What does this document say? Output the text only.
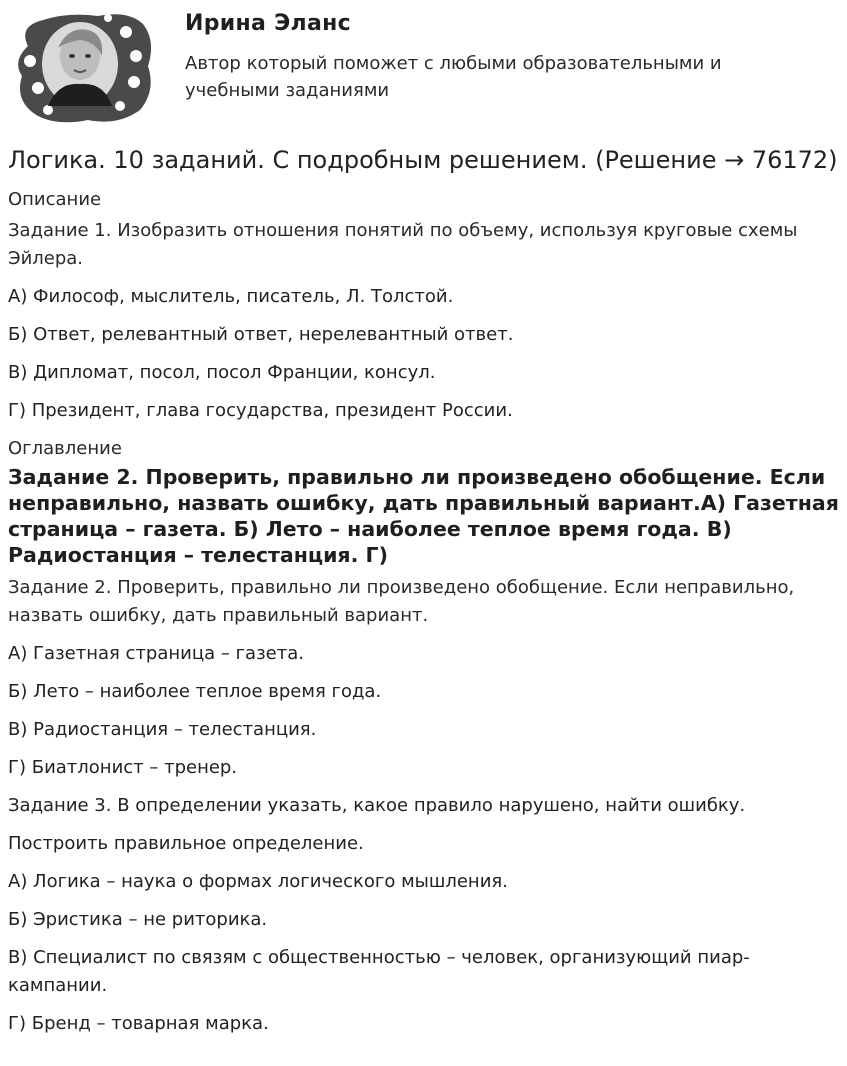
Ирина Эланс
Автор который поможет с любыми образовательными и учебными заданиями
Логика. 10 заданий. С подробным решением. (Решение → 76172)

Описание

Задание 1. Изобразить отношения понятий по объему, используя круговые схемы Эйлера.

А) Философ, мыслитель, писатель, Л. Толстой.

Б) Ответ, релевантный ответ, нерелевантный ответ.

В) Дипломат, посол, посол Франции, консул.

Г) Президент, глава государства, президент России.

Оглавление

Задание 2. Проверить, правильно ли произведено обобщение. Если неправильно, назвать ошибку, дать правильный вариант.А) Газетная страница – газета. Б) Лето – наиболее теплое время года. В) Радиостанция – телестанция. Г)

Задание 2. Проверить, правильно ли произведено обобщение. Если неправильно, назвать ошибку, дать правильный вариант.

А) Газетная страница – газета.

Б) Лето – наиболее теплое время года.

В) Радиостанция – телестанция.

Г) Биатлонист – тренер.

Задание 3. В определении указать, какое правило нарушено, найти ошибку.

Построить правильное определение.

А) Логика – наука о формах логического мышления.

Б) Эристика – не риторика.

В) Специалист по связям с общественностью – человек, организующий пиар-кампании.

Г) Бренд – товарная марка.
